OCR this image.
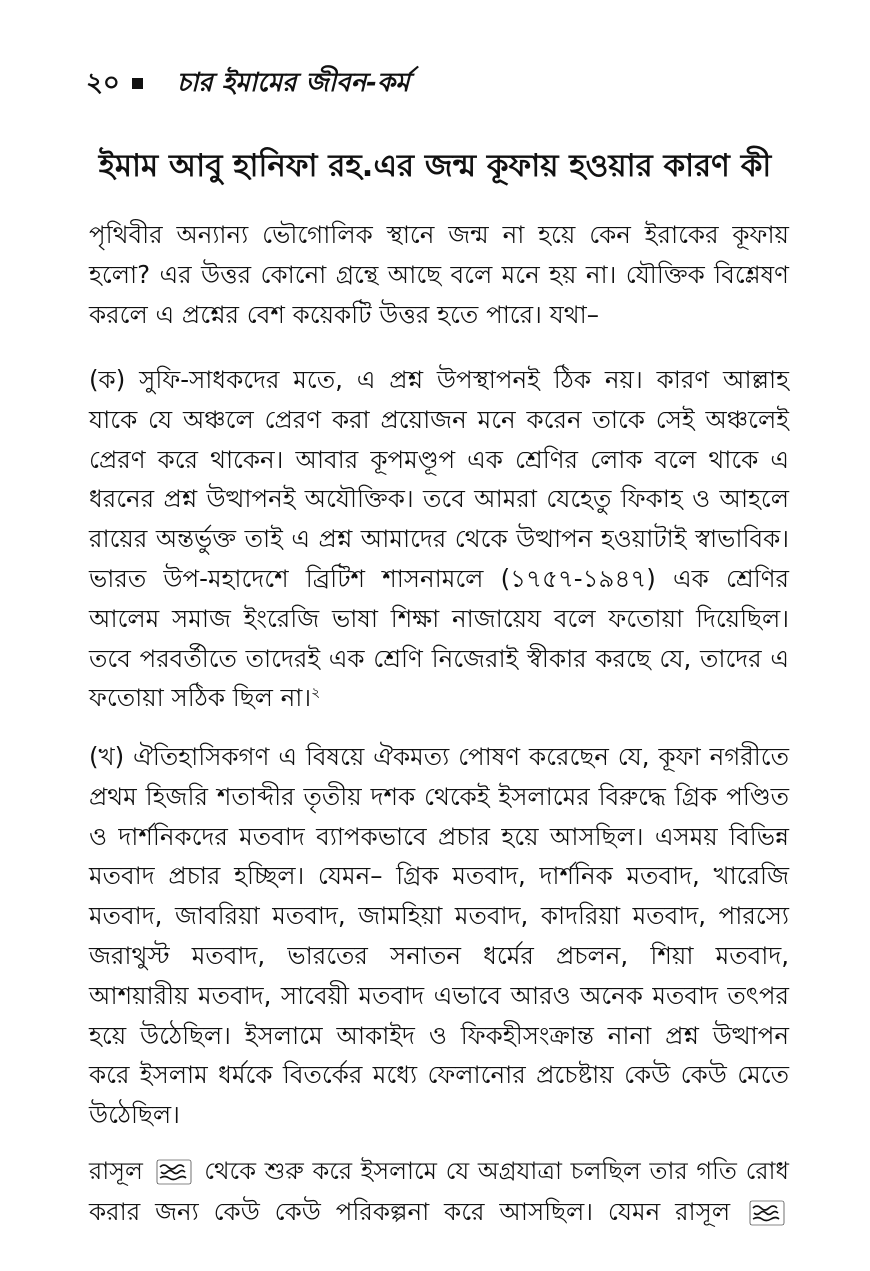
২০ চার ইমামের জীবন-কর্ম
ইমাম আবু হানিফা রহ.এর জন্ম কূফায় হওয়ার কারণ কী
পৃথিবীর অন্যান্য ভৌগোলিক স্থানে জন্ম না হয়ে কেন ইরাকের কূফায়
হলো? এর উত্তর কোনো গ্রন্থে আছে বলে মনে হয় না। যৌক্তিক বিশ্লেষণ
করলে এ প্রশ্নের বেশ কয়েকটি উত্তর হতে পারে। যথা–
(ক) সুফি-সাধকদের মতে, এ প্রশ্ন উপস্থাপনই ঠিক নয়। কারণ আল্লাহ
যাকে যে অঞ্চলে প্রেরণ করা প্রয়োজন মনে করেন তাকে সেই অঞ্চলেই
প্রেরণ করে থাকেন। আবার কূপমণ্ডূপ এক শ্রেণির লোক বলে থাকে এ
ধরনের প্রশ্ন উত্থাপনই অযৌক্তিক। তবে আমরা যেহেতু ফিকাহ ও আহলে
রায়ের অন্তর্ভুক্ত তাই এ প্রশ্ন আমাদের থেকে উত্থাপন হওয়াটাই স্বাভাবিক।
ভারত উপ-মহাদেশে ব্রিটিশ শাসনামলে (১৭৫৭-১৯৪৭) এক শ্রেণির
আলেম সমাজ ইংরেজি ভাষা শিক্ষা নাজায়েয বলে ফতোয়া দিয়েছিল।
তবে পরবর্তীতে তাদেরই এক শ্রেণি নিজেরাই স্বীকার করছে যে, তাদের এ
ফতোয়া সঠিক ছিল না।$^২$
(খ) ঐতিহাসিকগণ এ বিষয়ে ঐকমত্য পোষণ করেছেন যে, কূফা নগরীতে
প্রথম হিজরি শতাব্দীর তৃতীয় দশক থেকেই ইসলামের বিরুদ্ধে গ্রিক পণ্ডিত
ও দার্শনিকদের মতবাদ ব্যাপকভাবে প্রচার হয়ে আসছিল। এসময় বিভিন্ন
মতবাদ প্রচার হচ্ছিল। যেমন– গ্রিক মতবাদ, দার্শনিক মতবাদ, খারেজি
মতবাদ, জাবরিয়া মতবাদ, জামহিয়া মতবাদ, কাদরিয়া মতবাদ, পারস্যে
জরাথুস্ট মতবাদ, ভারতের সনাতন ধর্মের প্রচলন, শিয়া মতবাদ,
আশয়ারীয় মতবাদ, সাবেয়ী মতবাদ এভাবে আরও অনেক মতবাদ তৎপর
হয়ে উঠেছিল। ইসলামে আকাইদ ও ফিকহীসংক্রান্ত নানা প্রশ্ন উত্থাপন
করে ইসলাম ধর্মকে বিতর্কের মধ্যে ফেলানোর প্রচেষ্টায় কেউ কেউ মেতে
উঠেছিল।
রাসূল	থেকে শুরু করে ইসলামে যে অগ্রযাত্রা চলছিল তার গতি রোধ
করার জন্য কেউ কেউ পরিকল্পনা করে আসছিল। যেমন রাসূল
